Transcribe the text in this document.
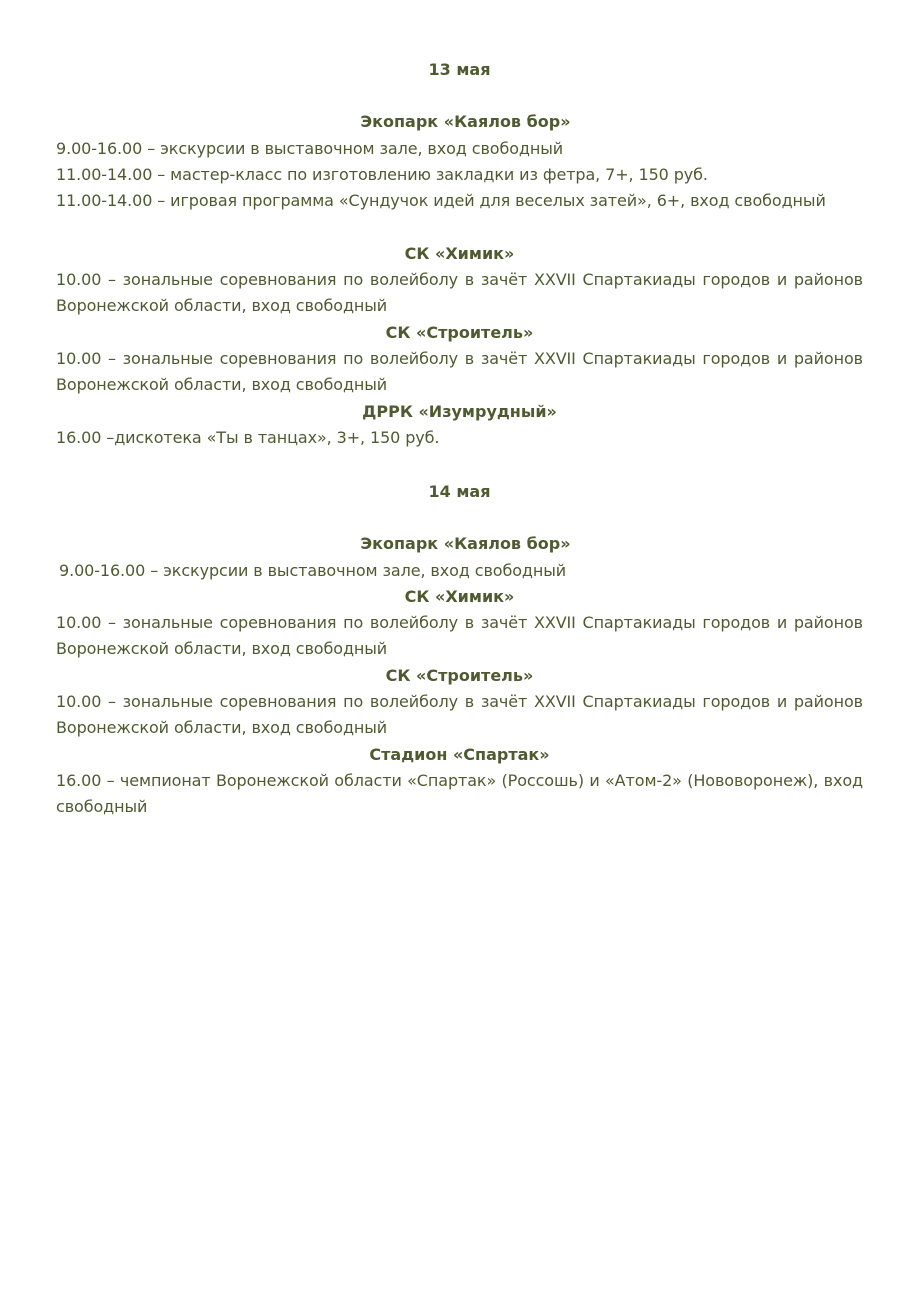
13 мая
Экопарк «Каялов бор»
9.00-16.00 – экскурсии в выставочном зале, вход свободный
11.00-14.00 – мастер-класс по изготовлению закладки из фетра, 7+, 150 руб.
11.00-14.00 – игровая программа «Сундучок идей для веселых затей», 6+, вход свободный
СК «Химик»
10.00 – зональные соревнования по волейболу в зачёт XXVII Спартакиады городов и районов Воронежской области, вход свободный
СК «Строитель»
10.00 – зональные соревнования по волейболу в зачёт XXVII Спартакиады городов и районов Воронежской области, вход свободный
ДРРК «Изумрудный»
16.00 –дискотека «Ты в танцах», 3+, 150 руб.
14 мая
Экопарк «Каялов бор»
9.00-16.00 – экскурсии в выставочном зале, вход свободный
СК «Химик»
10.00 – зональные соревнования по волейболу в зачёт XXVII Спартакиады городов и районов Воронежской области, вход свободный
СК «Строитель»
10.00 – зональные соревнования по волейболу в зачёт XXVII Спартакиады городов и районов Воронежской области, вход свободный
Стадион «Спартак»
16.00 – чемпионат Воронежской области «Спартак» (Россошь) и «Атом-2» (Нововоронеж), вход свободный
